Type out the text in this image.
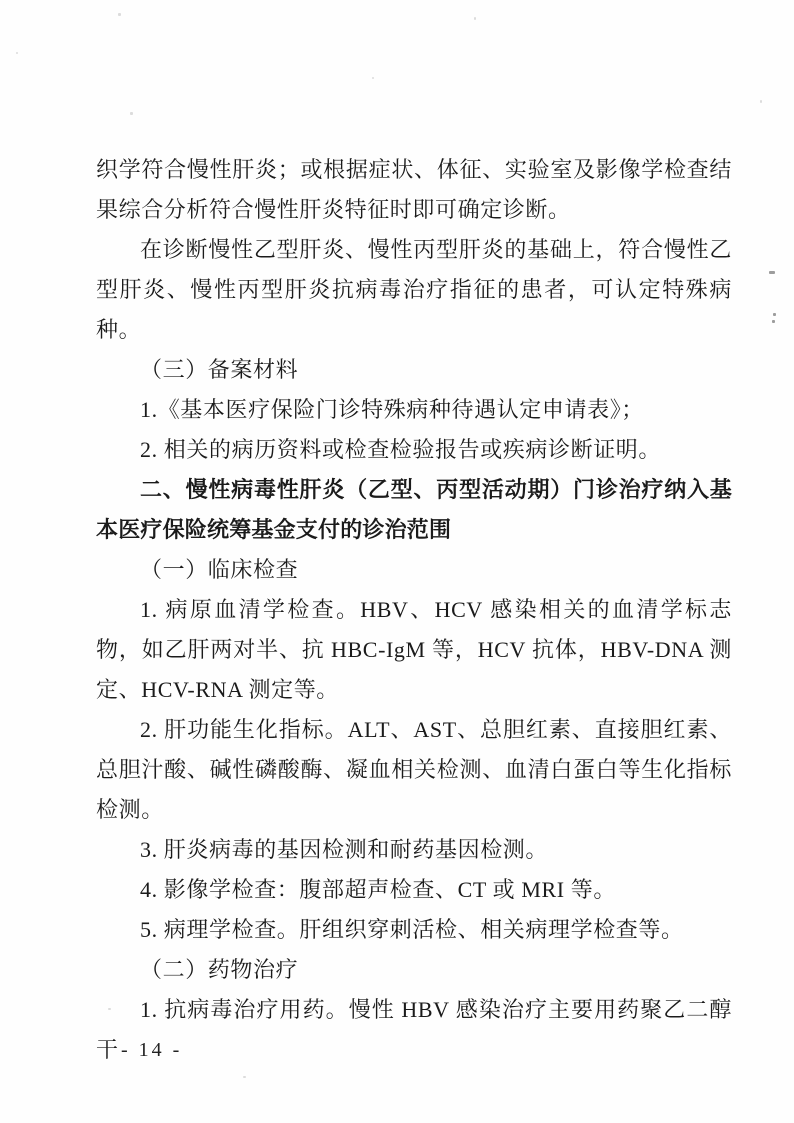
织学符合慢性肝炎；或根据症状、体征、实验室及影像学检查结果综合分析符合慢性肝炎特征时即可确定诊断。

在诊断慢性乙型肝炎、慢性丙型肝炎的基础上，符合慢性乙型肝炎、慢性丙型肝炎抗病毒治疗指征的患者，可认定特殊病种。

（三）备案材料

1.《基本医疗保险门诊特殊病种待遇认定申请表》；

2. 相关的病历资料或检查检验报告或疾病诊断证明。

二、慢性病毒性肝炎（乙型、丙型活动期）门诊治疗纳入基本医疗保险统筹基金支付的诊治范围

（一）临床检查

1. 病原血清学检查。HBV、HCV 感染相关的血清学标志物，如乙肝两对半、抗 HBC-IgM 等，HCV 抗体，HBV-DNA 测定、HCV-RNA 测定等。

2. 肝功能生化指标。ALT、AST、总胆红素、直接胆红素、总胆汁酸、碱性磷酸酶、凝血相关检测、血清白蛋白等生化指标检测。

3. 肝炎病毒的基因检测和耐药基因检测。

4. 影像学检查：腹部超声检查、CT 或 MRI 等。

5. 病理学检查。肝组织穿刺活检、相关病理学检查等。

（二）药物治疗

1. 抗病毒治疗用药。慢性 HBV 感染治疗主要用药聚乙二醇干 - 14 -
